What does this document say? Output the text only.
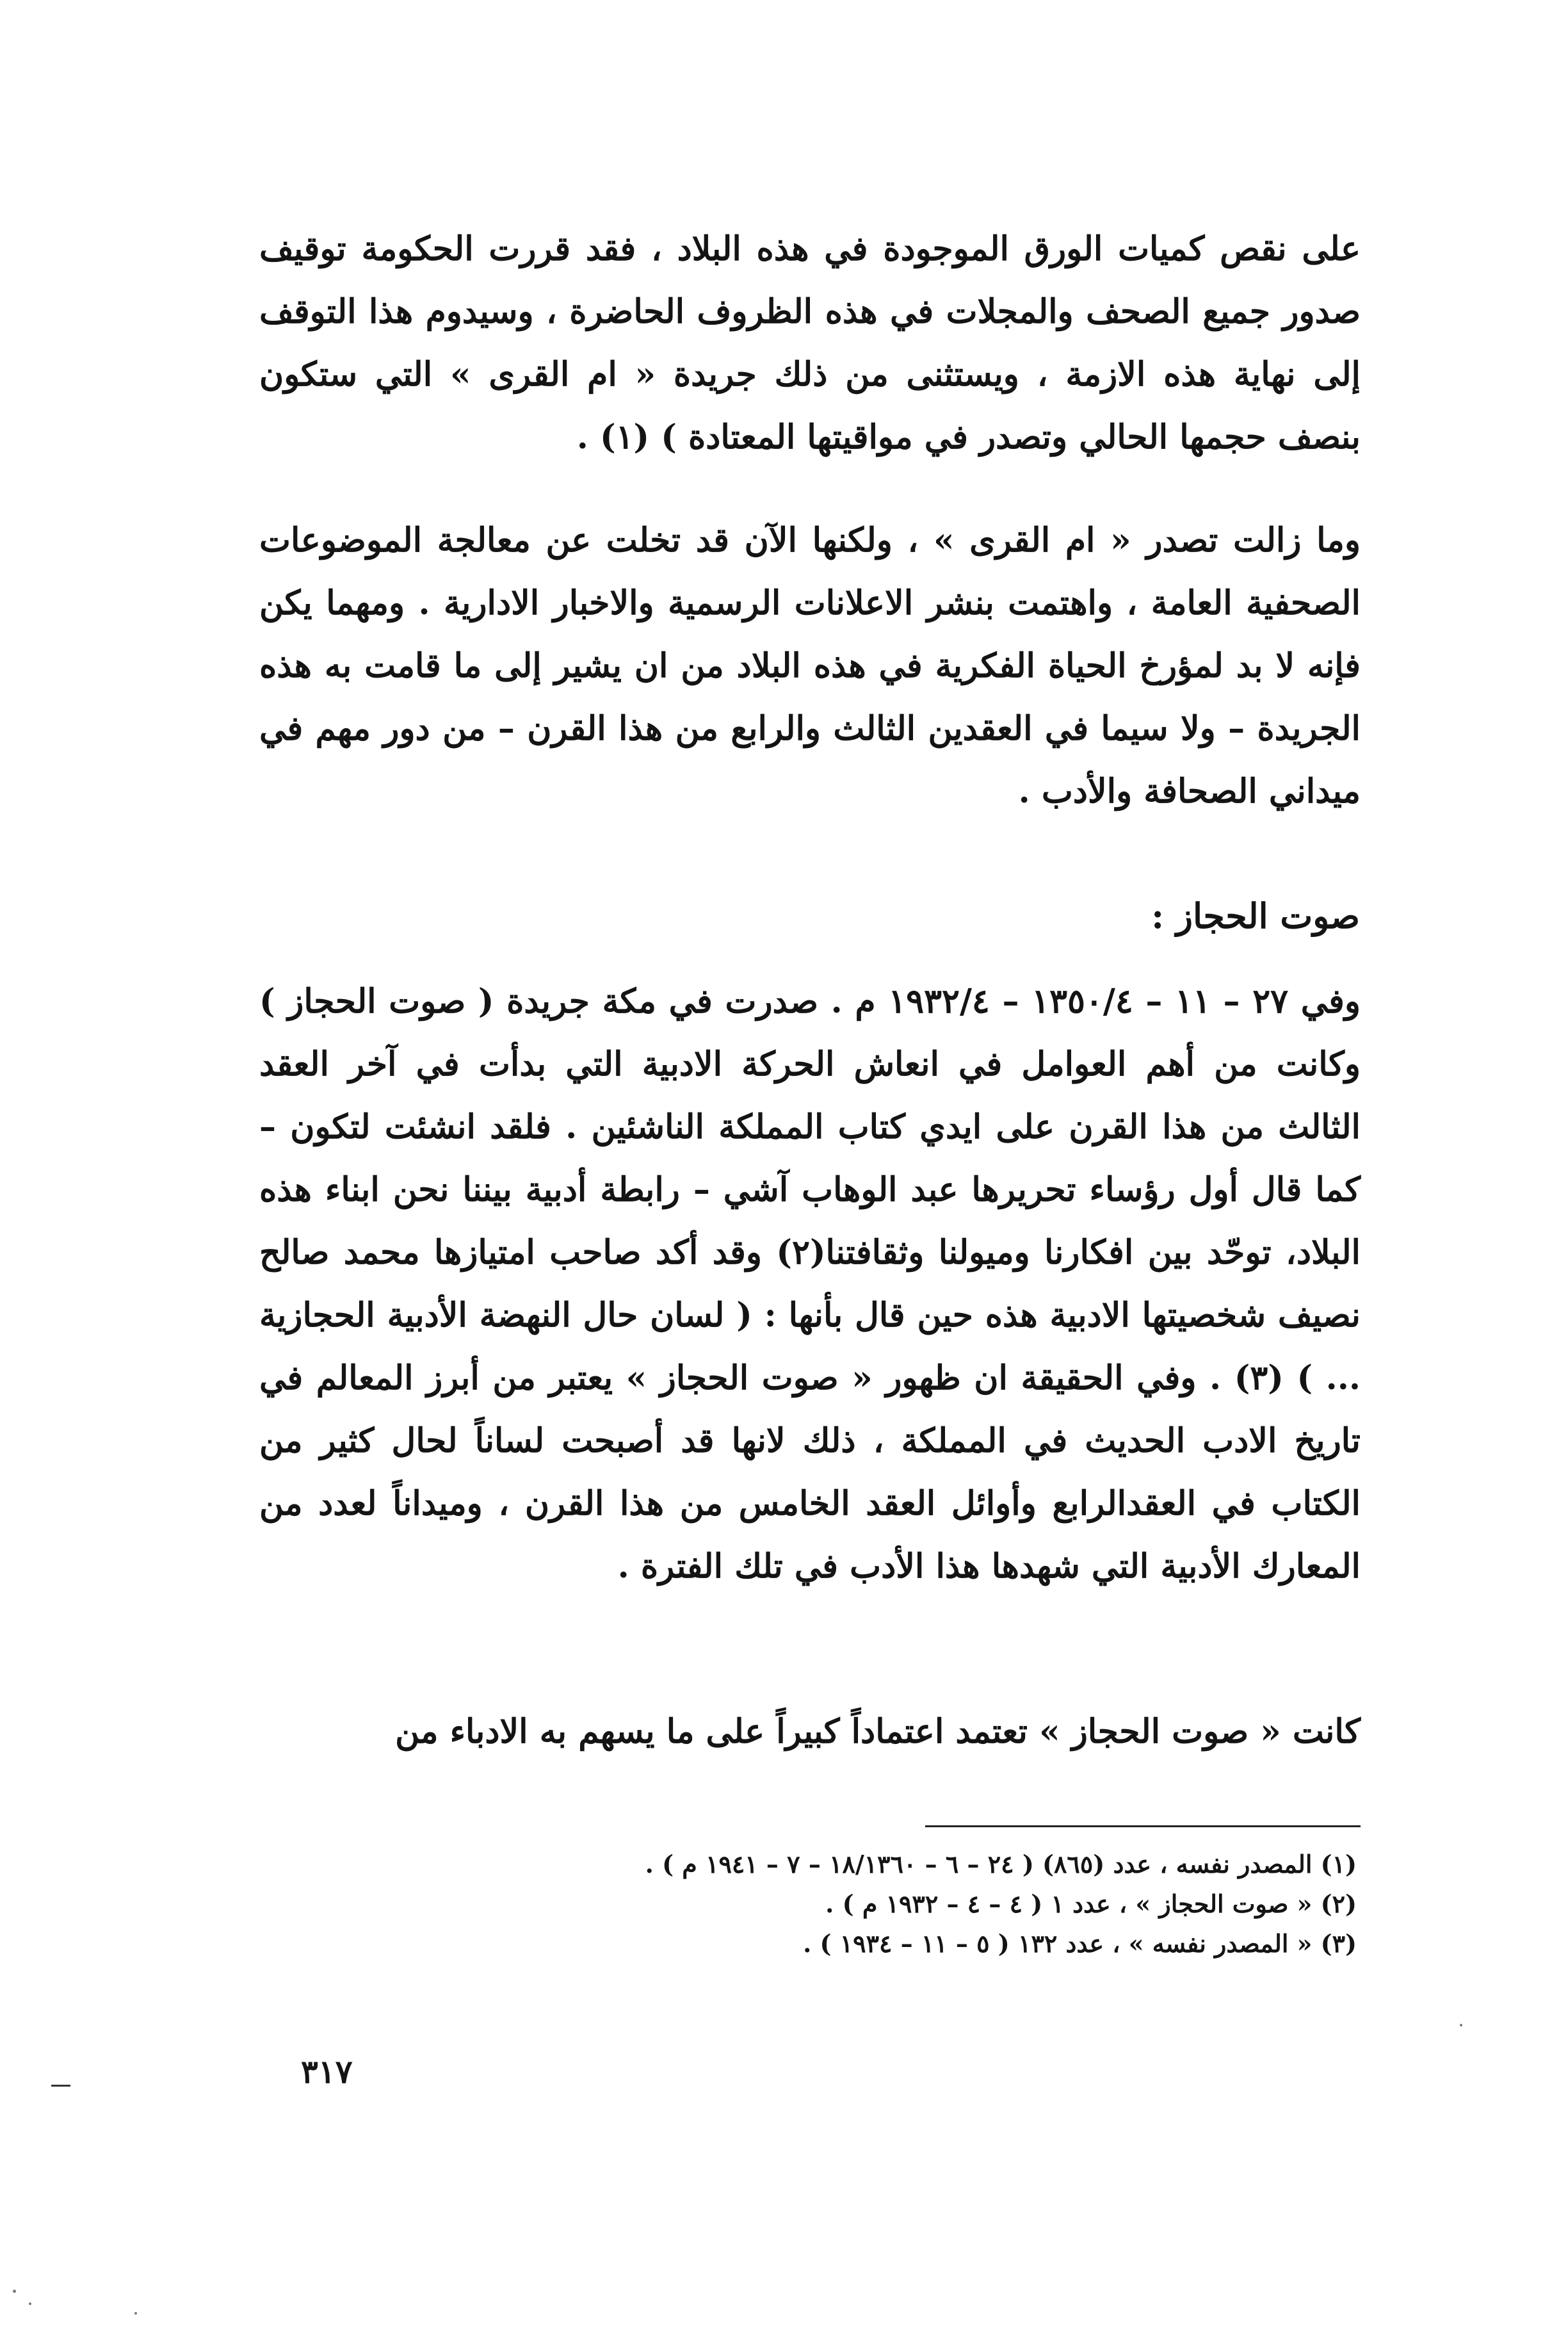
على نقص كميات الورق الموجودة في هذه البلاد ، فقد قررت الحكومة توقيف صدور جميع الصحف والمجلات في هذه الظروف الحاضرة ، وسيدوم هذا التوقف إلى نهاية هذه الازمة ، ويستثنى من ذلك جريدة « ام القرى » التي ستكون بنصف حجمها الحالي وتصدر في مواقيتها المعتادة ) (١) .
وما زالت تصدر « ام القرى » ، ولكنها الآن قد تخلت عن معالجة الموضوعات الصحفية العامة ، واهتمت بنشر الاعلانات الرسمية والاخبار الادارية . ومهما يكن فإنه لا بد لمؤرخ الحياة الفكرية في هذه البلاد من ان يشير إلى ما قامت به هذه الجريدة – ولا سيما في العقدين الثالث والرابع من هذا القرن – من دور مهم في ميداني الصحافة والأدب .
صوت الحجاز :
وفي ٢٧ – ١١ – ١٣٥٠/٤ – ١٩٣٢/٤ م . صدرت في مكة جريدة ( صوت الحجاز ) وكانت من أهم العوامل في انعاش الحركة الادبية التي بدأت في آخر العقد الثالث من هذا القرن على ايدي كتاب المملكة الناشئين . فلقد انشئت لتكون – كما قال أول رؤساء تحريرها عبد الوهاب آشي – رابطة أدبية بيننا نحن ابناء هذه البلاد، توحّد بين افكارنا وميولنا وثقافتنا(٢) وقد أكد صاحب امتيازها محمد صالح نصيف شخصيتها الادبية هذه حين قال بأنها : ( لسان حال النهضة الأدبية الحجازية ... ) (٣) . وفي الحقيقة ان ظهور « صوت الحجاز » يعتبر من أبرز المعالم في تاريخ الادب الحديث في المملكة ، ذلك لانها قد أصبحت لساناً لحال كثير من الكتاب في العقدالرابع وأوائل العقد الخامس من هذا القرن ، وميداناً لعدد من المعارك الأدبية التي شهدها هذا الأدب في تلك الفترة .
كانت « صوت الحجاز » تعتمد اعتماداً كبيراً على ما يسهم به الادباء من
(١) المصدر نفسه ، عدد (٨٦٥) ( ٢٤ – ٦ – ١٨/١٣٦٠ – ٧ – ١٩٤١ م ) .
(٢) « صوت الحجاز » ، عدد ١ ( ٤ – ٤ – ١٩٣٢ م ) .
(٣) « المصدر نفسه » ، عدد ١٣٢ ( ٥ – ١١ – ١٩٣٤ ) .
٣١٧
